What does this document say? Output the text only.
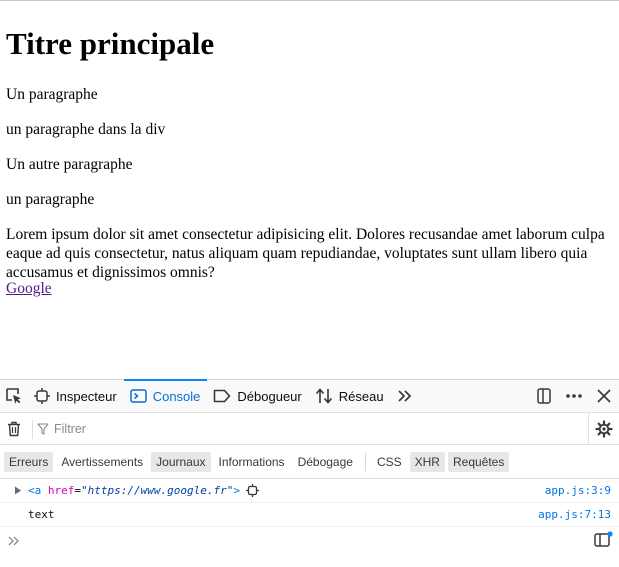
Titre principale

Un paragraphe

un paragraphe dans la div

Un autre paragraphe

un paragraphe

Lorem ipsum dolor sit amet consectetur adipisicing elit. Dolores recusandae amet laborum culpa eaque ad quis consectetur, natus aliquam quam repudiandae, voluptates sunt ullam libero quia accusamus et dignissimos omnis?

Google
Inspecteur	Console	Débogueur	Réseau
Filtrer
Erreurs	Avertissements	Journaux	Informations	Débogage	CSS	XHR	Requêtes
<a
href = "https://www.google.fr" >	app.js:3:9
text	app.js:7:13
